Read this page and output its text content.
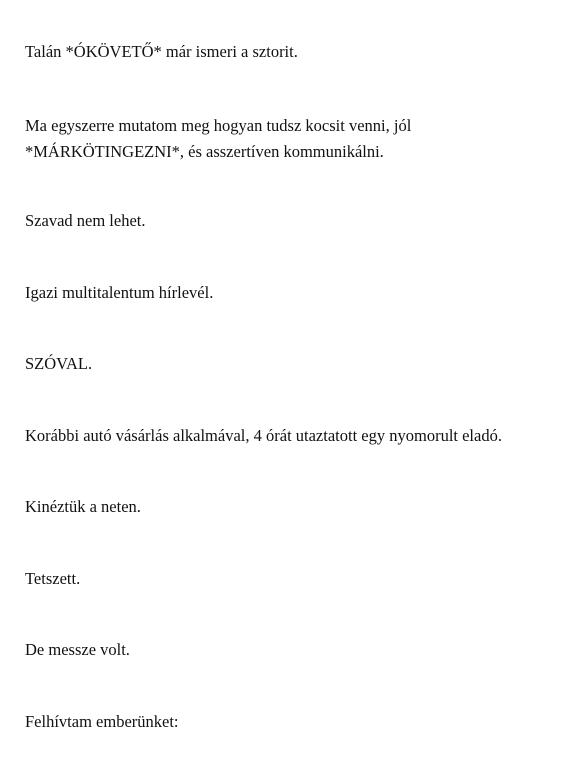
Talán *ÓKÖVETŐ* már ismeri a sztorit.

Ma egyszerre mutatom meg hogyan tudsz kocsit venni, jól *MÁRKÖTINGEZNI*, és asszertíven kommunikálni.

Szavad nem lehet.

Igazi multitalentum hírlevél.

SZÓVAL.

Korábbi autó vásárlás alkalmával, 4 órát utaztatott egy nyomorult eladó.

Kinéztük a neten.

Tetszett.

De messze volt.

Felhívtam emberünket:
